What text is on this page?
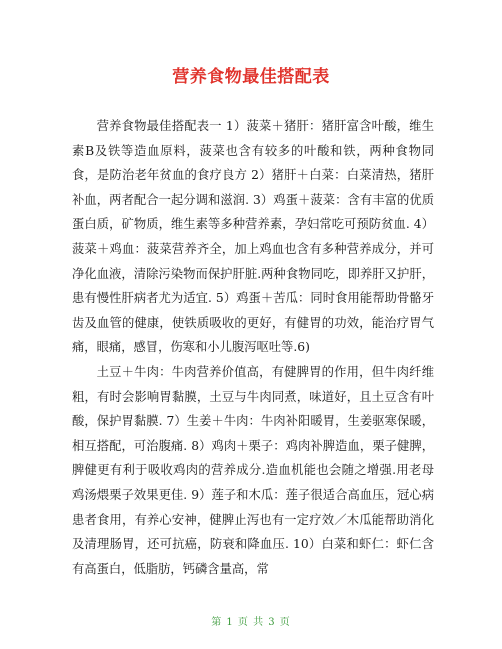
营养食物最佳搭配表

营养食物最佳搭配表一 1）菠菜＋猪肝：猪肝富含叶酸，维生素B及铁等造血原料，菠菜也含有较多的叶酸和铁，两种食物同食，是防治老年贫血的食疗良方 2）猪肝＋白菜：白菜清热，猪肝补血，两者配合一起分调和滋润. 3）鸡蛋＋菠菜：含有丰富的优质蛋白质，矿物质，维生素等多种营养素，孕妇常吃可预防贫血. 4）菠菜＋鸡血：菠菜营养齐全，加上鸡血也含有多种营养成分，并可净化血液，清除污染物而保护肝脏.两种食物同吃，即养肝又护肝，患有慢性肝病者尤为适宜. 5）鸡蛋＋苦瓜：同时食用能帮助骨骼牙齿及血管的健康，使铁质吸收的更好，有健胃的功效，能治疗胃气痛，眼痛，感冒，伤寒和小儿腹泻呕吐等.6)

土豆＋牛肉：牛肉营养价值高，有健脾胃的作用，但牛肉纤维粗，有时会影响胃黏膜，土豆与牛肉同煮，味道好，且土豆含有叶酸，保护胃黏膜. 7）生姜＋牛肉：牛肉补阳暖胃，生姜驱寒保暖，相互搭配，可治腹痛. 8）鸡肉＋栗子：鸡肉补脾造血，栗子健脾，脾健更有利于吸收鸡肉的营养成分.造血机能也会随之增强.用老母鸡汤煨栗子效果更佳. 9）莲子和木瓜：莲子很适合高血压，冠心病患者食用，有养心安神，健脾止泻也有一定疗效／木瓜能帮助消化及清理肠胃，还可抗癌，防衰和降血压. 10）白菜和虾仁：虾仁含有高蛋白，低脂肪，钙磷含量高，常

第 1 页 共 3 页
